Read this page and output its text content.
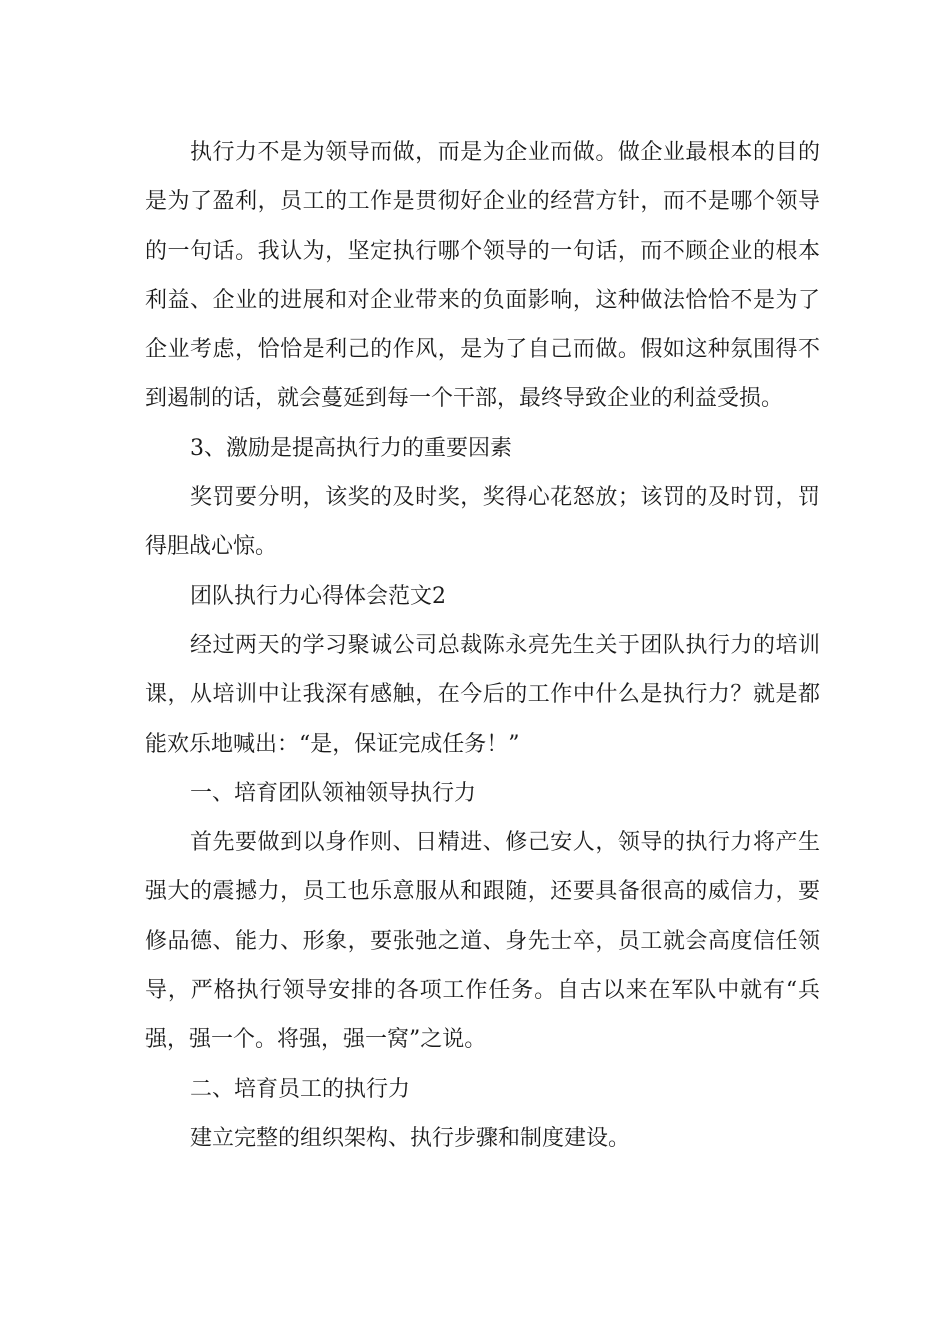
执行力不是为领导而做，而是为企业而做。做企业最根本的目的是为了盈利，员工的工作是贯彻好企业的经营方针，而不是哪个领导的一句话。我认为，坚定执行哪个领导的一句话，而不顾企业的根本利益、企业的进展和对企业带来的负面影响，这种做法恰恰不是为了企业考虑，恰恰是利己的作风，是为了自己而做。假如这种氛围得不到遏制的话，就会蔓延到每一个干部，最终导致企业的利益受损。

3、激励是提高执行力的重要因素

奖罚要分明，该奖的及时奖，奖得心花怒放；该罚的及时罚，罚得胆战心惊。

团队执行力心得体会范文2

经过两天的学习聚诚公司总裁陈永亮先生关于团队执行力的培训课，从培训中让我深有感触，在今后的工作中什么是执行力？就是都能欢乐地喊出：“是，保证完成任务！”

一、培育团队领袖领导执行力

首先要做到以身作则、日精进、修己安人，领导的执行力将产生强大的震撼力，员工也乐意服从和跟随，还要具备很高的威信力，要修品德、能力、形象，要张弛之道、身先士卒，员工就会高度信任领导，严格执行领导安排的各项工作任务。自古以来在军队中就有“兵强，强一个。将强，强一窝”之说。

二、培育员工的执行力

建立完整的组织架构、执行步骤和制度建设。
